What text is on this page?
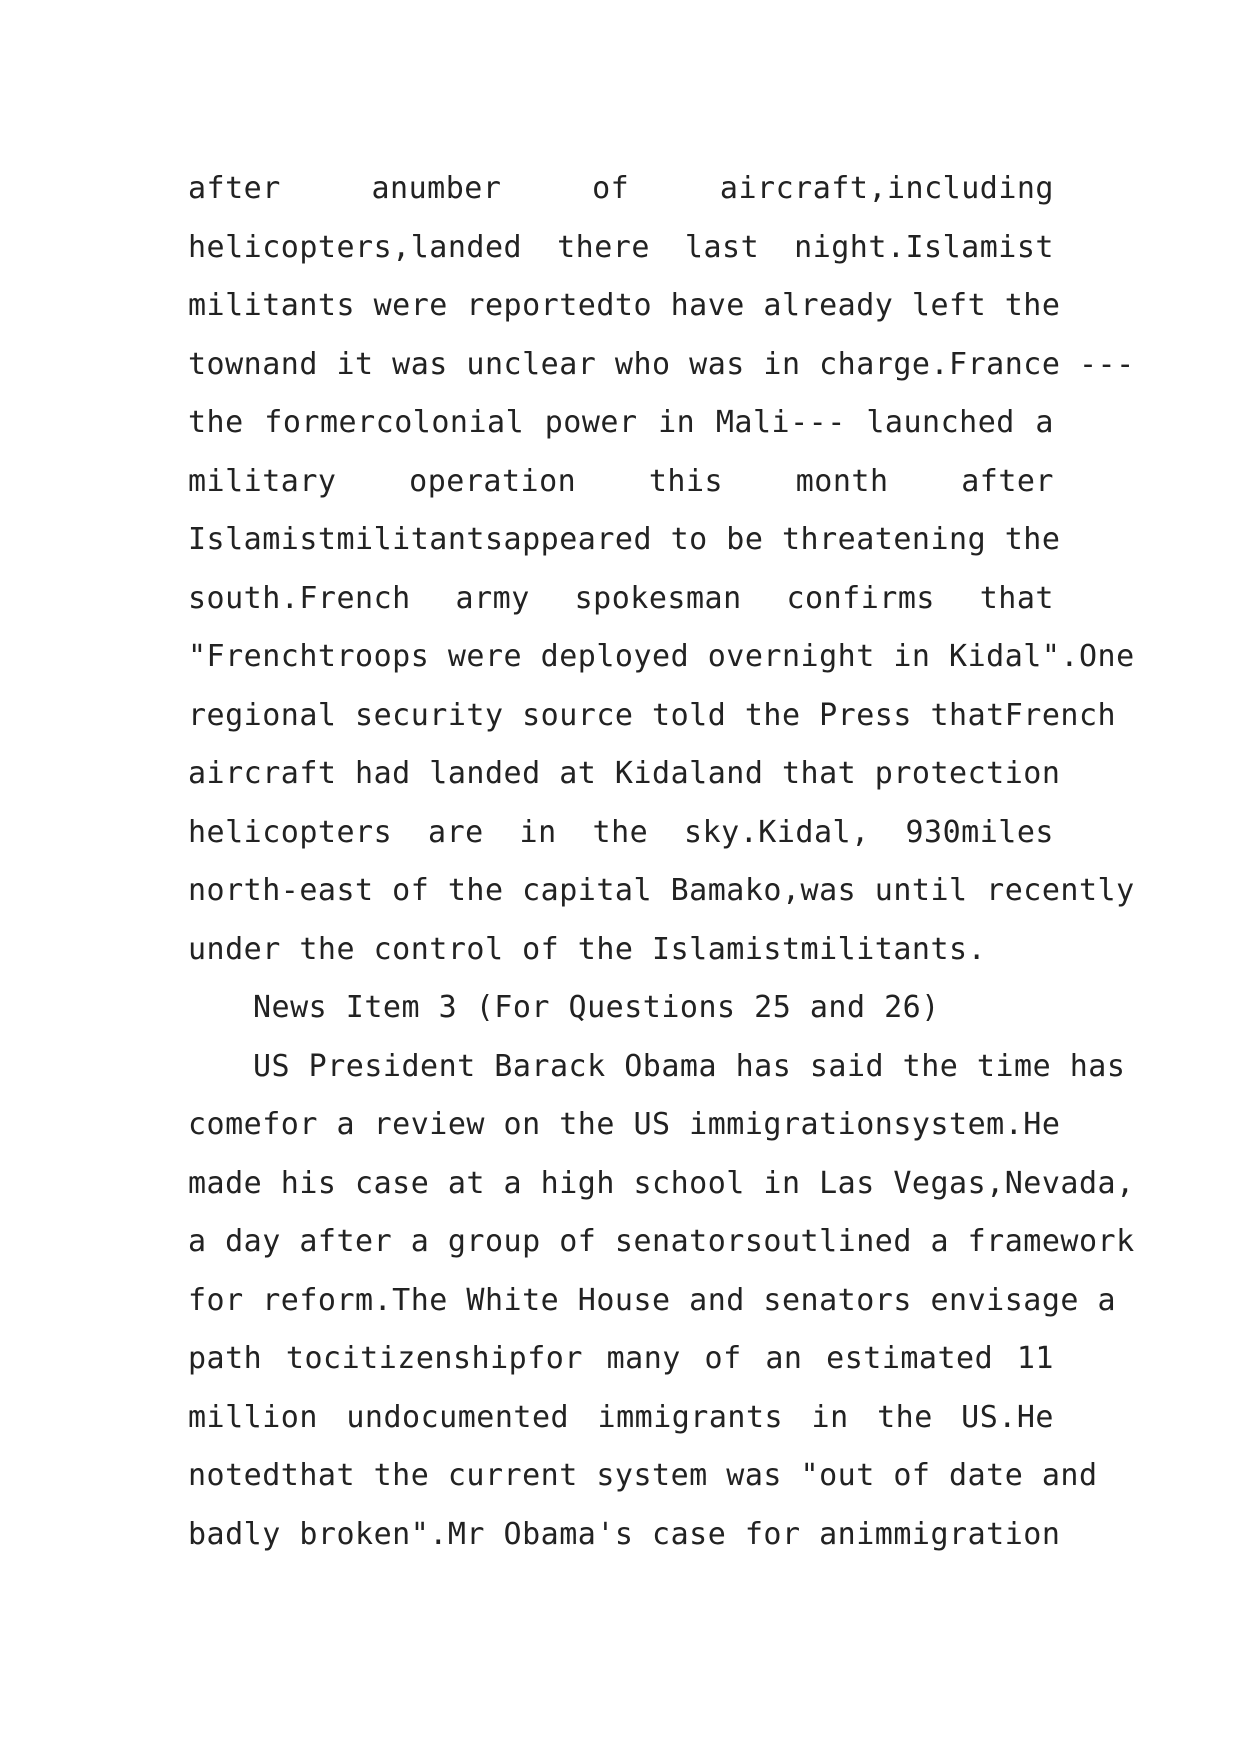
after anumber of aircraft,including
helicopters,landed there last night.Islamist
militants were reportedto have already left the
townand it was unclear who was in charge.France ---
the formercolonial power in Mali--- launched a
military operation this month after
Islamistmilitantsappeared to be threatening the
south.French army spokesman confirms that
"Frenchtroops were deployed overnight in Kidal".One
regional security source told the Press thatFrench
aircraft had landed at Kidaland that protection
helicopters are in the sky.Kidal, 930miles
north-east of the capital Bamako,was until recently
under the control of the Islamistmilitants.
News Item 3 (For Questions 25 and 26)
US President Barack Obama has said the time has
comefor a review on the US immigrationsystem.He
made his case at a high school in Las Vegas,Nevada,
a day after a group of senatorsoutlined a framework
for reform.The White House and senators envisage a
path tocitizenshipfor many of an estimated 11
million undocumented immigrants in the US.He
notedthat the current system was "out of date and
badly broken".Mr Obama's case for animmigration
